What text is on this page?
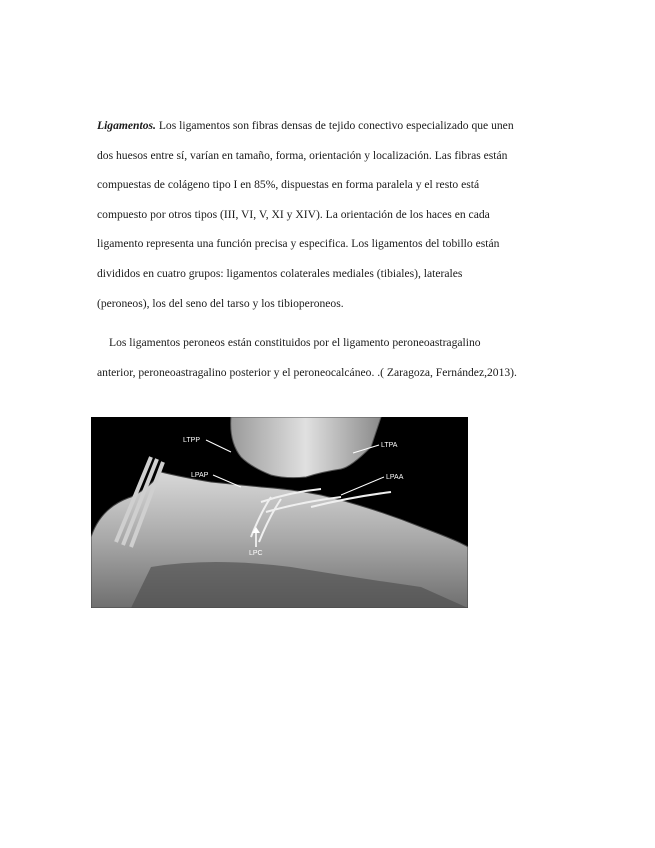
Ligamentos. Los ligamentos son fibras densas de tejido conectivo especializado que unen
dos huesos entre sí, varían en tamaño, forma, orientación y localización. Las fibras están
compuestas de colágeno tipo I en 85%, dispuestas en forma paralela y el resto está
compuesto por otros tipos (III, VI, V, XI y XIV). La orientación de los haces en cada
ligamento representa una función precisa y especifica. Los ligamentos del tobillo están
divididos en cuatro grupos: ligamentos colaterales mediales (tibiales), laterales
(peroneos), los del seno del tarso y los tibioperoneos.

Los ligamentos peroneos están constituidos por el ligamento peroneoastragalino
anterior, peroneoastragalino posterior y el peroneocalcáneo. .( Zaragoza, Fernández,2013).

LTPP
LTPA
LPAP	LPAA
LPC
